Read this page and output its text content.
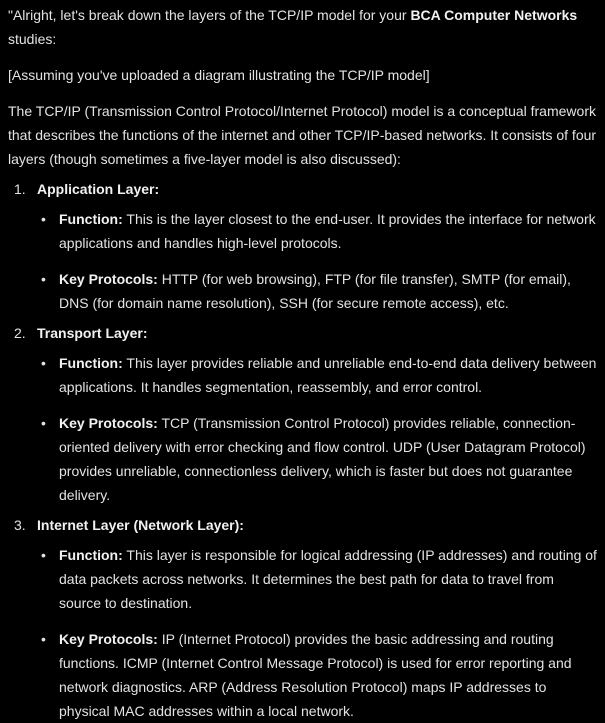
"Alright, let's break down the layers of the TCP/IP model for your BCA Computer Networks studies:

[Assuming you've uploaded a diagram illustrating the TCP/IP model]

The TCP/IP (Transmission Control Protocol/Internet Protocol) model is a conceptual framework that describes the functions of the internet and other TCP/IP-based networks. It consists of four layers (though sometimes a five-layer model is also discussed):

1. Application Layer:
• Function: This is the layer closest to the end-user. It provides the interface for network applications and handles high-level protocols.
• Key Protocols: HTTP (for web browsing), FTP (for file transfer), SMTP (for email), DNS (for domain name resolution), SSH (for secure remote access), etc.
2. Transport Layer:
• Function: This layer provides reliable and unreliable end-to-end data delivery between applications. It handles segmentation, reassembly, and error control.
• Key Protocols: TCP (Transmission Control Protocol) provides reliable, connection-oriented delivery with error checking and flow control. UDP (User Datagram Protocol) provides unreliable, connectionless delivery, which is faster but does not guarantee delivery.
3. Internet Layer (Network Layer):
• Function: This layer is responsible for logical addressing (IP addresses) and routing of data packets across networks. It determines the best path for data to travel from source to destination.
• Key Protocols: IP (Internet Protocol) provides the basic addressing and routing functions. ICMP (Internet Control Message Protocol) is used for error reporting and network diagnostics. ARP (Address Resolution Protocol) maps IP addresses to physical MAC addresses within a local network.
